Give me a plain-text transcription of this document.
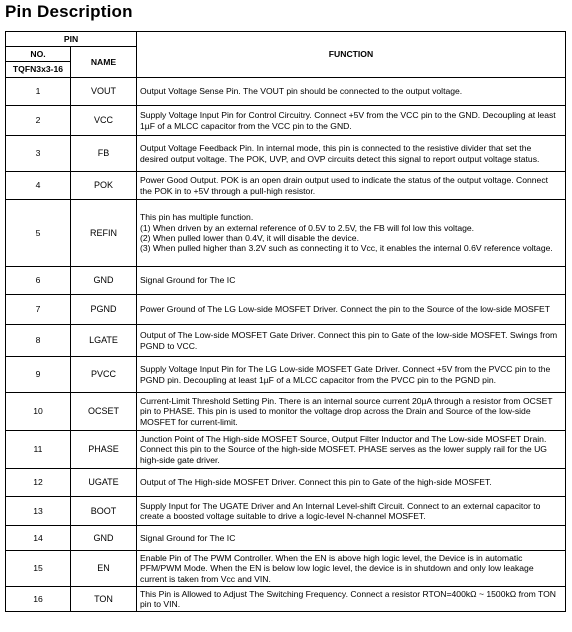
Pin Description
PIN		FUNCTION
NO.	NAME	
TQFN3x3-16		
1	VOUT	Output Voltage Sense Pin. The VOUT pin should be connected to the output voltage.

2	VCC	Supply Voltage Input Pin for Control Circuitry. Connect +5V from the VCC pin to the GND. Decoupling at least 1µF of a MLCC capacitor from the VCC pin to the GND.

3	FB	Output Voltage Feedback Pin. In internal mode, this pin is connected to the resistive divider that set the desired output voltage. The POK, UVP, and OVP circuits detect this signal to report output voltage status.

4	POK	Power Good Output. POK is an open drain output used to indicate the status of the output voltage. Connect the POK in to +5V through a pull-high resistor.

5	REFIN	This pin has multiple function.

(1) When driven by an external reference of 0.5V to 2.5V, the FB will fol low this voltage.

(2) When pulled lower than 0.4V, it will disable the device.

(3) When pulled higher than 3.2V such as connecting it to Vcc, it enables the internal 0.6V reference voltage.

6	GND	Signal Ground for The IC

7	PGND	Power Ground of The LG Low-side MOSFET Driver. Connect the pin to the Source of the low-side MOSFET

8	LGATE	Output of The Low-side MOSFET Gate Driver. Connect this pin to Gate of the low-side MOSFET. Swings from PGND to VCC.

9	PVCC	Supply Voltage Input Pin for The LG Low-side MOSFET Gate Driver. Connect +5V from the PVCC pin to the PGND pin. Decoupling at least 1µF of a MLCC capacitor from the PVCC pin to the PGND pin.

10	OCSET	Current-Limit Threshold Setting Pin. There is an internal source current 20µA through a resistor from OCSET pin to PHASE. This pin is used to monitor the voltage drop across the Drain and Source of the low-side MOSFET for current-limit.

11	PHASE	Junction Point of The High-side MOSFET Source, Output Filter Inductor and The Low-side MOSFET Drain. Connect this pin to the Source of the high-side MOSFET. PHASE serves as the lower supply rail for the UG high-side gate driver.

12	UGATE	Output of The High-side MOSFET Driver. Connect this pin to Gate of the high-side MOSFET.

13	BOOT	Supply Input for The UGATE Driver and An Internal Level-shift Circuit. Connect to an external capacitor to create a boosted voltage suitable to drive a logic-level N-channel MOSFET.

14	GND	Signal Ground for The IC

15	EN	Enable Pin of The PWM Controller. When the EN is above high logic level, the Device is in automatic PFM/PWM Mode. When the EN is below low logic level, the device is in shutdown and only low leakage current is taken from Vcc and VIN.

16	TON	This Pin is Allowed to Adjust The Switching Frequency. Connect a resistor RTON=400kΩ ~ 1500kΩ from TON pin to VIN.
